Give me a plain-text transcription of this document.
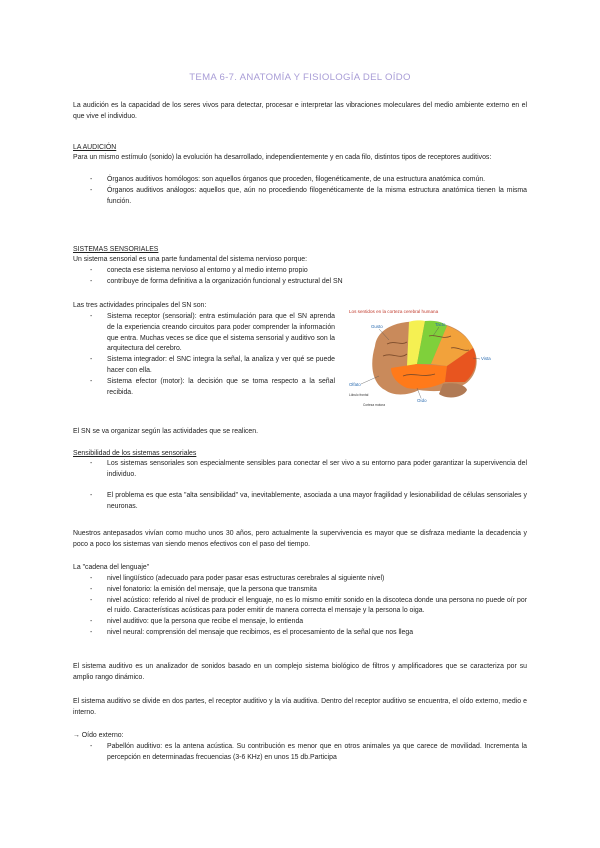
TEMA 6-7. ANATOMÍA Y FISIOLOGÍA DEL OÍDO

La audición es la capacidad de los seres vivos para detectar, procesar e interpretar las vibraciones moleculares del medio ambiente externo en el que vive el individuo.

LA AUDICIÓN

Para un mismo estímulo (sonido) la evolución ha desarrollado, independientemente y en cada filo, distintos tipos de receptores auditivos:

- Órganos auditivos homólogos: son aquellos órganos que proceden, filogenéticamente, de una estructura anatómica común.
- Órganos auditivos análogos: aquellos que, aún no procediendo filogenéticamente de la misma estructura anatómica tienen la misma función.

SISTEMAS SENSORIALES

Un sistema sensorial es una parte fundamental del sistema nervioso porque:

- conecta ese sistema nervioso al entorno y al medio interno propio
- contribuye de forma definitiva a la organización funcional y estructural del SN

Las tres actividades principales del SN son:

- Sistema receptor (sensorial): entra estimulación para que el SN aprenda de la experiencia creando circuitos para poder comprender la información que entra. Muchas veces se dice que el sistema sensorial y auditivo son la arquitectura del cerebro.
- Sistema integrador: el SNC integra la señal, la analiza y ver qué se puede hacer con ella.
- Sistema efector (motor): la decisión que se toma respecto a la señal recibida.
Los sentidos en la corteza cerebral humana
Gusto	Tacto
Vista
Olfato
Oído
Lóbulo frontal
Corteza motora

El SN se va organizar según las actividades que se realicen.

Sensibilidad de los sistemas sensoriales

- Los sistemas sensoriales son especialmente sensibles para conectar el ser vivo a su entorno para poder garantizar la supervivencia del individuo.
- El problema es que esta "alta sensibilidad" va, inevitablemente, asociada a una mayor fragilidad y lesionabilidad de células sensoriales y neuronas.

Nuestros antepasados vivían como mucho unos 30 años, pero actualmente la supervivencia es mayor que se disfraza mediante la decadencia y poco a poco los sistemas van siendo menos efectivos con el paso del tiempo.

La "cadena del lenguaje"

- nivel lingüístico (adecuado para poder pasar esas estructuras cerebrales al siguiente nivel)
- nivel fonatorio: la emisión del mensaje, que la persona que transmita
- nivel acústico: referido al nivel de producir el lenguaje, no es lo mismo emitir sonido en la discoteca donde una persona no puede oír por el ruido. Características acústicas para poder emitir de manera correcta el mensaje y la persona lo oiga.
- nivel auditivo: que la persona que recibe el mensaje, lo entienda
- nivel neural: comprensión del mensaje que recibimos, es el procesamiento de la señal que nos llega

El sistema auditivo es un analizador de sonidos basado en un complejo sistema biológico de filtros y amplificadores que se caracteriza por su amplio rango dinámico.

El sistema auditivo se divide en dos partes, el receptor auditivo y la vía auditiva. Dentro del receptor auditivo se encuentra, el oído externo, medio e interno.

→ Oído externo:

- Pabellón auditivo: es la antena acústica. Su contribución es menor que en otros animales ya que carece de movilidad. Incrementa la percepción en determinadas frecuencias (3-6 KHz) en unos 15 db.Participa
